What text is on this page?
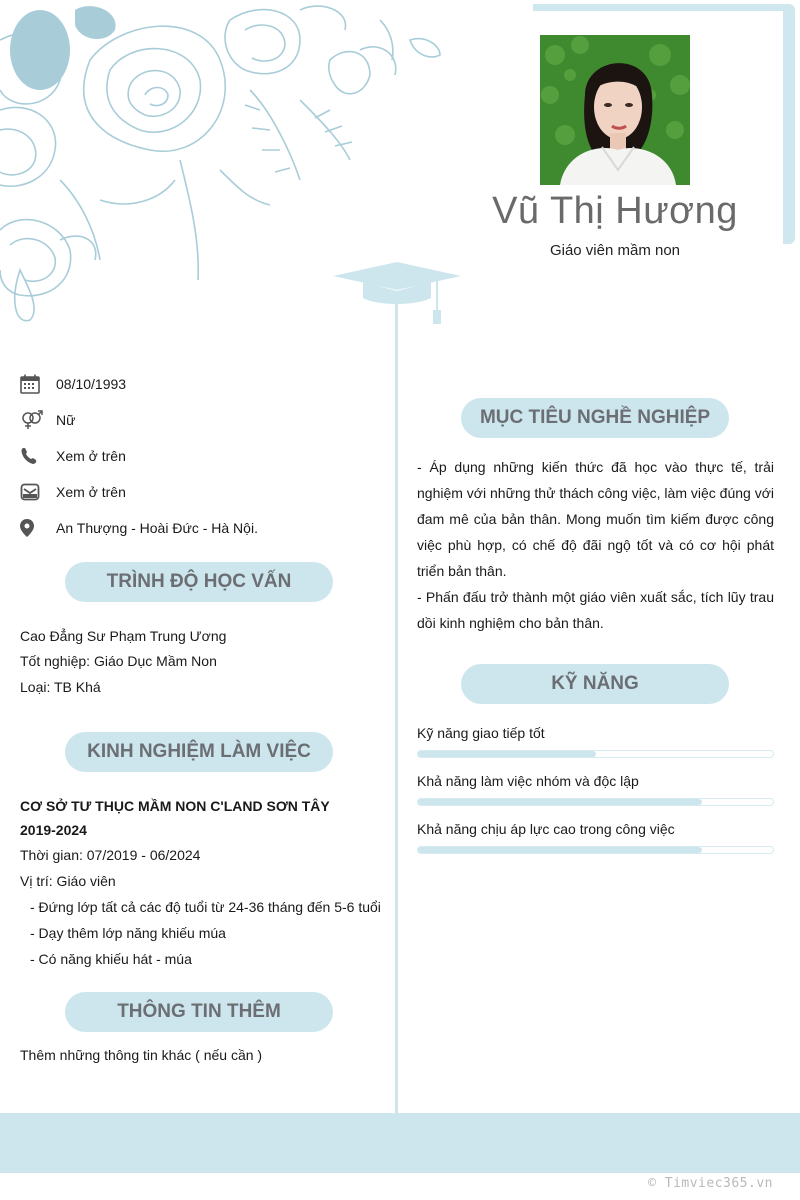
Vũ Thị Hương
Giáo viên mầm non
08/10/1993
Nữ
Xem ở trên
Xem ở trên
An Thượng - Hoài Đức - Hà Nội.
TRÌNH ĐỘ HỌC VẤN
Cao Đẳng Sư Phạm Trung Ương
Tốt nghiệp: Giáo Dục Mầm Non
Loại: TB Khá
KINH NGHIỆM LÀM VIỆC
CƠ SỞ TƯ THỤC MẦM NON C'LAND SƠN TÂY
2019-2024
Thời gian: 07/2019 - 06/2024
Vị trí: Giáo viên
- Đứng lớp tất cả các độ tuổi từ 24-36 tháng đến 5-6 tuổi
- Dạy thêm lớp năng khiếu múa
- Có năng khiếu hát - múa
THÔNG TIN THÊM
Thêm những thông tin khác ( nếu cần )
MỤC TIÊU NGHỀ NGHIỆP
- Áp dụng những kiến thức đã học vào thực tế, trải nghiệm với những thử thách công việc, làm việc đúng với đam mê của bản thân. Mong muốn tìm kiếm được công việc phù hợp, có chế độ đãi ngộ tốt và có cơ hội phát triển bản thân.
- Phấn đấu trở thành một giáo viên xuất sắc, tích lũy trau dồi kinh nghiệm cho bản thân.
KỸ NĂNG
Kỹ năng giao tiếp tốt
Khả năng làm việc nhóm và độc lập
Khả năng chịu áp lực cao trong công việc
© Timviec365.vn
